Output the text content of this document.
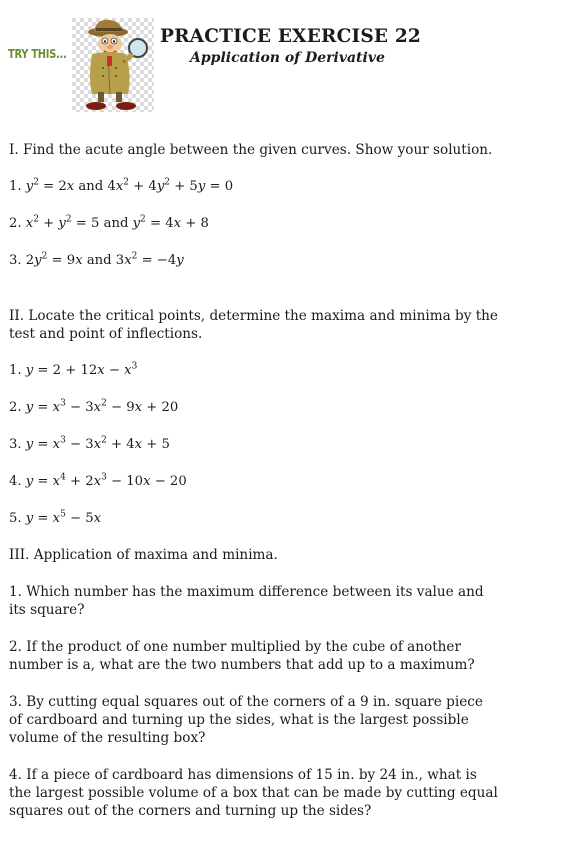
TRY THIS...
PRACTICE EXERCISE 22
Application of Derivative
I. Find the acute angle between the given curves. Show your solution.
1. $y^2 = 2x$ and $4x^2 + 4y^2 + 5y = 0$
2. $x^2 + y^2 = 5$ and $y^2 = 4x + 8$
3. $2y^2 = 9x$ and $3x^2 = -4y$
II. Locate the critical points, determine the maxima and minima by the
test and point of inflections.
1. $y = 2 + 12x - x^3$
2. $y = x^3 - 3x^2 - 9x + 20$
3. $y = x^3 - 3x^2 + 4x + 5$
4. $y = x^4 + 2x^3 - 10x - 20$
5. $y = x^5 - 5x$
III. Application of maxima and minima.
1. Which number has the maximum difference between its value and
its square?
2. If the product of one number multiplied by the cube of another
number is a, what are the two numbers that add up to a maximum?
3. By cutting equal squares out of the corners of a 9 in. square piece
of cardboard and turning up the sides, what is the largest possible
volume of the resulting box?
4. If a piece of cardboard has dimensions of 15 in. by 24 in., what is
the largest possible volume of a box that can be made by cutting equal
squares out of the corners and turning up the sides?
